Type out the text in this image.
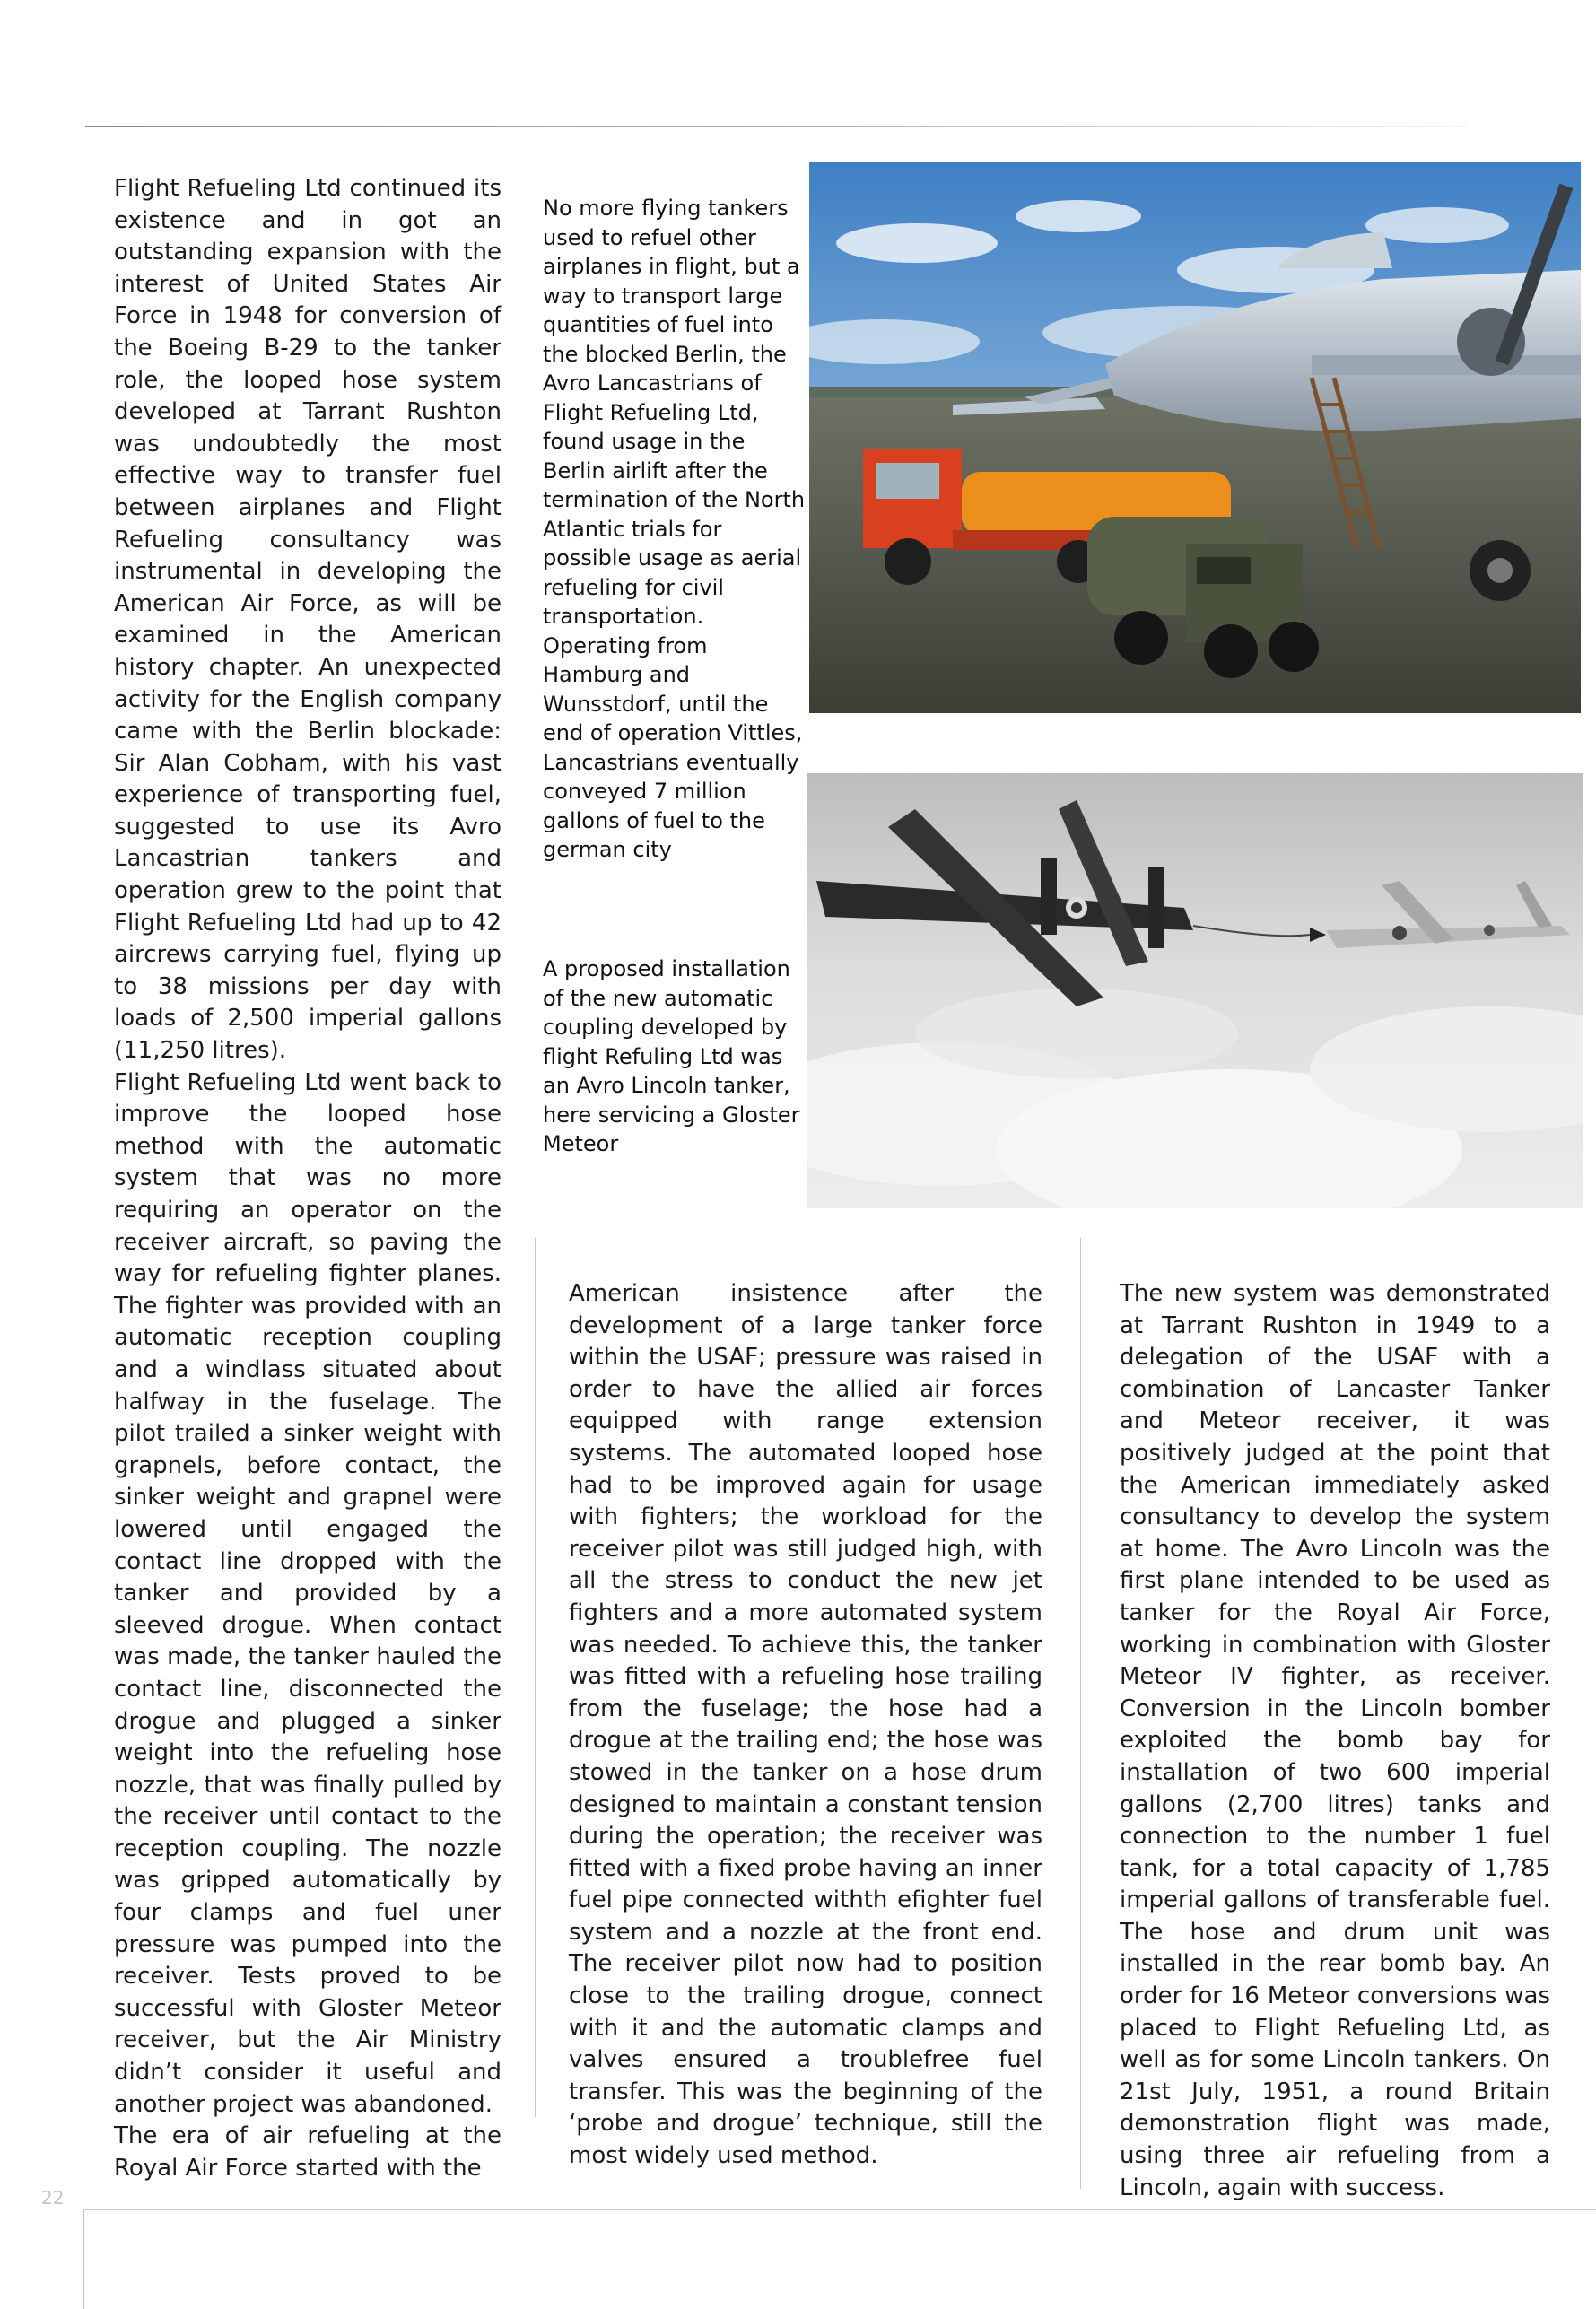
Flight Refueling Ltd continued its existence and in got an outstanding expansion with the interest of United States Air Force in 1948 for conversion of the Boeing B-29 to the tanker role, the looped hose system developed at Tarrant Rushton was undoubtedly the most effective way to transfer fuel between airplanes and Flight Refueling consultancy was instrumental in developing the American Air Force, as will be examined in the American history chapter. An unexpected activity for the English company came with the Berlin blockade: Sir Alan Cobham, with his vast experience of transporting fuel, suggested to use its Avro Lancastrian tankers and operation grew to the point that Flight Refueling Ltd had up to 42 aircrews carrying fuel, flying up to 38 missions per day with loads of 2,500 imperial gallons (11,250 litres).

Flight Refueling Ltd went back to improve the looped hose method with the automatic system that was no more requiring an operator on the receiver aircraft, so paving the way for refueling fighter planes. The fighter was provided with an automatic reception coupling and a windlass situated about halfway in the fuselage. The pilot trailed a sinker weight with grapnels, before contact, the sinker weight and grapnel were lowered until engaged the contact line dropped with the tanker and provided by a sleeved drogue. When contact was made, the tanker hauled the contact line, disconnected the drogue and plugged a sinker weight into the refueling hose nozzle, that was finally pulled by the receiver until contact to the reception coupling. The nozzle was gripped automatically by four clamps and fuel uner pressure was pumped into the receiver. Tests proved to be successful with Gloster Meteor receiver, but the Air Ministry didn’t consider it useful and another project was abandoned.

The era of air refueling at the Royal Air Force started with the

No more flying tankers used to refuel other airplanes in flight, but a way to transport large quantities of fuel into the blocked Berlin, the Avro Lancastrians of Flight Refueling Ltd, found usage in the Berlin airlift after the termination of the North Atlantic trials for possible usage as aerial refueling for civil transportation. Operating from Hamburg and Wunsstdorf, until the end of operation Vittles, Lancastrians eventually conveyed 7 million gallons of fuel to the german city
A proposed installation of the new automatic coupling developed by flight Refuling Ltd was an Avro Lincoln tanker, here servicing a Gloster Meteor
American insistence after the development of a large tanker force within the USAF; pressure was raised in order to have the allied air forces equipped with range extension systems. The automated looped hose had to be improved again for usage with fighters; the workload for the receiver pilot was still judged high, with all the stress to conduct the new jet fighters and a more automated system was needed. To achieve this, the tanker was fitted with a refueling hose trailing from the fuselage; the hose had a drogue at the trailing end; the hose was stowed in the tanker on a hose drum designed to maintain a constant tension during the operation; the receiver was fitted with a fixed probe having an inner fuel pipe connected withth efighter fuel system and a nozzle at the front end. The receiver pilot now had to position close to the trailing drogue, connect with it and the automatic clamps and valves ensured a troublefree fuel transfer. This was the beginning of the ‘probe and drogue’ technique, still the most widely used method.
The new system was demonstrated at Tarrant Rushton in 1949 to a delegation of the USAF with a combination of Lancaster Tanker and Meteor receiver, it was positively judged at the point that the American immediately asked consultancy to develop the system at home. The Avro Lincoln was the first plane intended to be used as tanker for the Royal Air Force, working in combination with Gloster Meteor IV fighter, as receiver. Conversion in the Lincoln bomber exploited the bomb bay for installation of two 600 imperial gallons (2,700 litres) tanks and connection to the number 1 fuel tank, for a total capacity of 1,785 imperial gallons of transferable fuel. The hose and drum unit was installed in the rear bomb bay. An order for 16 Meteor conversions was placed to Flight Refueling Ltd, as well as for some Lincoln tankers. On 21st July, 1951, a round Britain demonstration flight was made, using three air refueling from a Lincoln, again with success.
22
